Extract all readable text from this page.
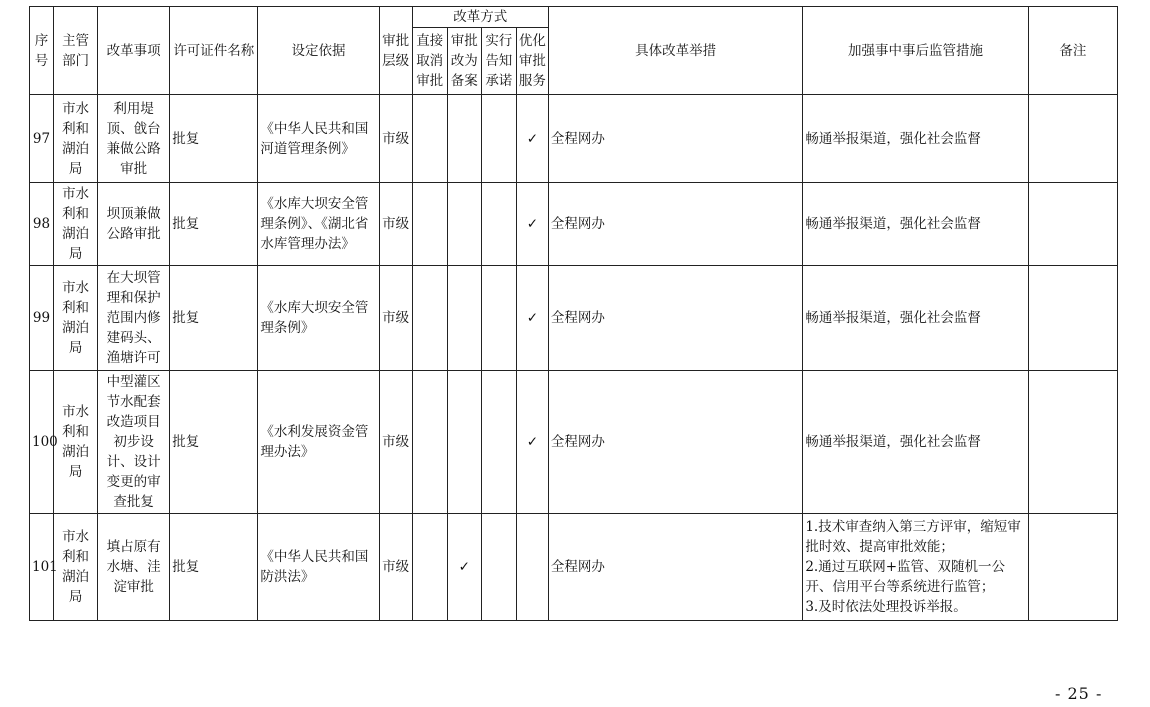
序号	主管部门	改革事项	许可证件名称	设定依据	审批层级	改革方式				具体改革举措	加强事中事后监管措施	备注
						直接取消审批	审批改为备案	实行告知承诺	优化审批服务			
97	市水利和湖泊局	利用堤顶、戗台兼做公路审批	批复	《中华人民共和国河道管理条例》	市级				✓	全程网办	畅通举报渠道，强化社会监督	

98	市水利和湖泊局	坝顶兼做公路审批	批复	《水库大坝安全管理条例》、《湖北省水库管理办法》	市级				✓	全程网办	畅通举报渠道，强化社会监督	

99	市水利和湖泊局	在大坝管理和保护范围内修建码头、渔塘许可	批复	《水库大坝安全管理条例》	市级				✓	全程网办	畅通举报渠道，强化社会监督	

100	市水利和湖泊局	中型灌区节水配套改造项目初步设计、设计变更的审查批复	批复	《水利发展资金管理办法》	市级				✓	全程网办	畅通举报渠道，强化社会监督	

101	市水利和湖泊局	填占原有水塘、洼淀审批	批复	《中华人民共和国防洪法》	市级		✓			全程网办	1.技术审查纳入第三方评审，缩短审批时效、提高审批效能；
2.通过互联网+监管、双随机一公开、信用平台等系统进行监管；
3.及时依法处理投诉举报。	

- 25 -
